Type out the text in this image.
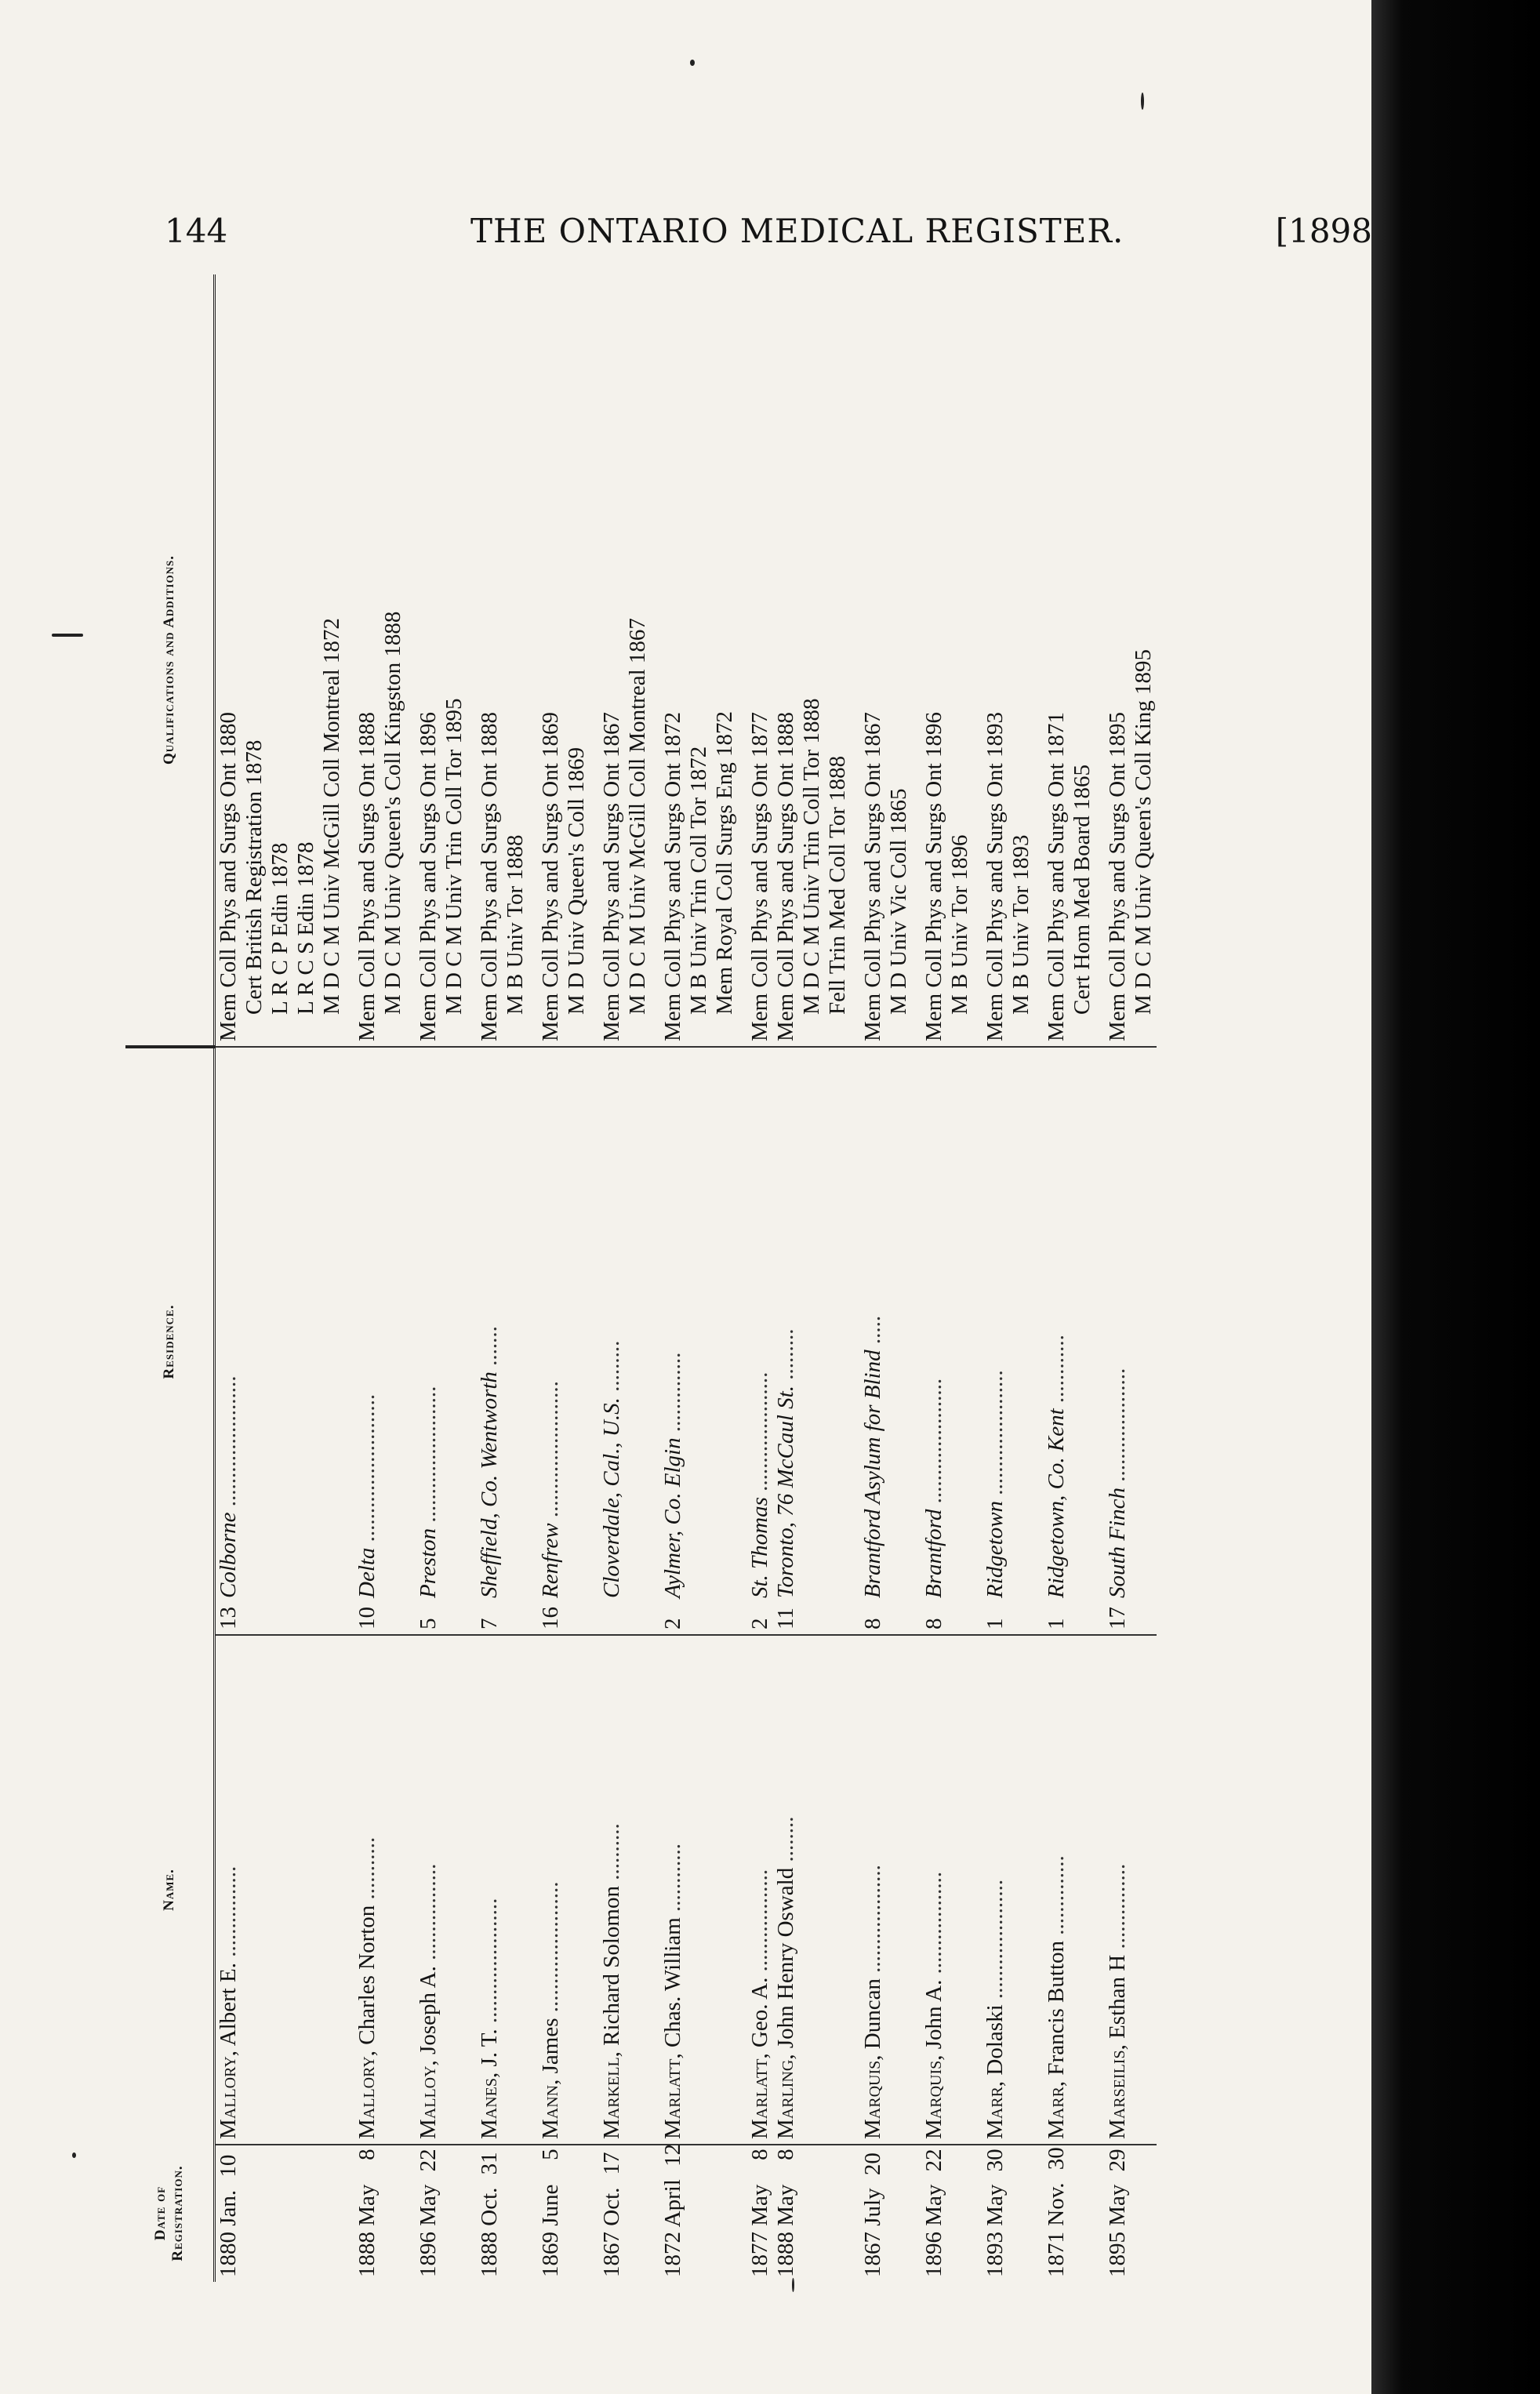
144	THE ONTARIO MEDICAL REGISTER.	[1898
Date of Registration.	Name.	Residence.	Qualifications and Additions.
1880 Jan. 10	Mallory, Albert E. ................	13Colborne .......................	Mem Coll Phys and Surgs Ont 1880 Cert British Registration 1878 L R C P Edin 1878 L R C S Edin 1878 M D C M Univ McGill Coll Montreal 1872

1888 May 8	Mallory, Charles Norton ...........	10Delta ..........................	Mem Coll Phys and Surgs Ont 1888 M D C M Univ Queen's Coll Kingston 1888

1896 May 22	Malloy, Joseph A. .................	5Preston ........................	Mem Coll Phys and Surgs Ont 1896 M D C M Univ Trin Coll Tor 1895

1888 Oct. 31	Manes, J. T. ......................	7Sheffield, Co. Wentworth .......	Mem Coll Phys and Surgs Ont 1888 M B Univ Tor 1888

1869 June 5	Mann, James .......................	16Renfrew ........................	Mem Coll Phys and Surgs Ont 1869 M D Univ Queen's Coll 1869

1867 Oct. 17	Markell, Richard Solomon ..........	Cloverdale, Cal., U.S. .........	Mem Coll Phys and Surgs Ont 1867 M D C M Univ McGill Coll Montreal 1867

1872 April 12	Marlatt, Chas. William ............	2Aylmer, Co. Elgin ..............	Mem Coll Phys and Surgs Ont 1872 M B Univ Trin Coll Tor 1872 Mem Royal Coll Surgs Eng 1872

1877 May 8	Marlatt, Geo. A. ..................	2St. Thomas .....................	Mem Coll Phys and Surgs Ont 1877

1888 May 8	Marling, John Henry Oswald ........	11Toronto, 76 McCaul St. .........	Mem Coll Phys and Surgs Ont 1888 M D C M Univ Trin Coll Tor 1888 Fell Trin Med Coll Tor 1888

1867 July 20	Marquis, Duncan ...................	8Brantford Asylum for Blind .....	Mem Coll Phys and Surgs Ont 1867 M D Univ Vic Coll 1865

1896 May 22	Marquis, John A. ..................	8Brantford ......................	Mem Coll Phys and Surgs Ont 1896 M B Univ Tor 1896

1893 May 30	Marr, Dolaski .....................	1Ridgetown ......................	Mem Coll Phys and Surgs Ont 1893 M B Univ Tor 1893

1871 Nov. 30	Marr, Francis Button ..............	1Ridgetown, Co. Kent ............	Mem Coll Phys and Surgs Ont 1871 Cert Hom Med Board 1865

1895 May 29	Marseilis, Esthan H ...............	17South Finch ....................	Mem Coll Phys and Surgs Ont 1895 M D C M Univ Queen's Coll King 1895
